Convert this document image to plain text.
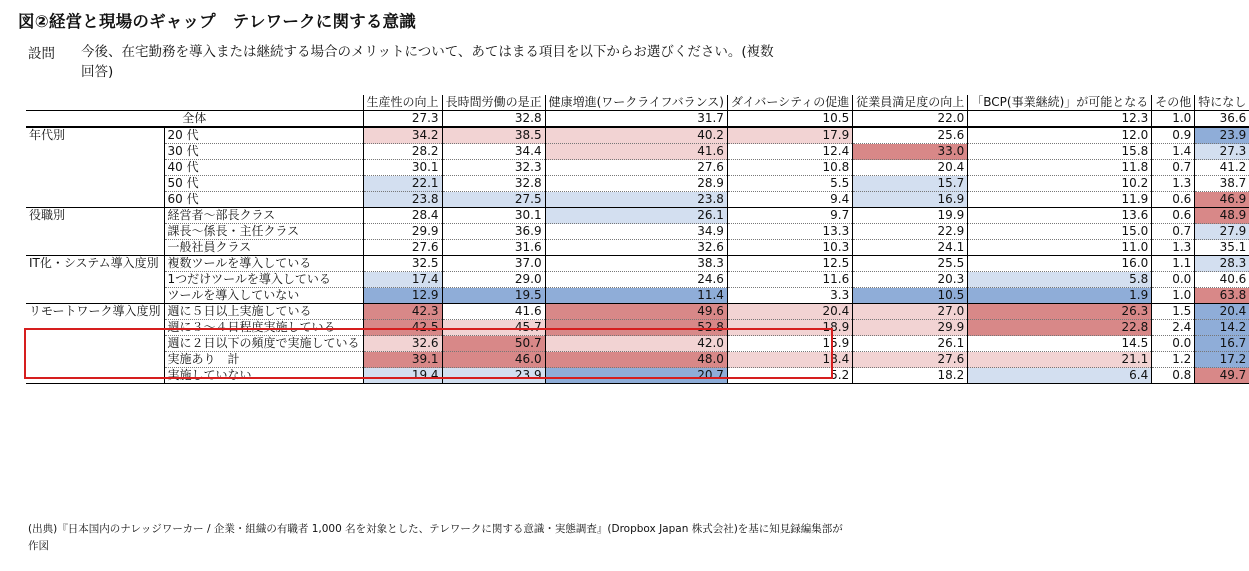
図②経営と現場のギャップ　テレワークに関する意識
設問 今後、在宅勤務を導入または継続する場合のメリットについて、あてはまる項目を以下からお選びください。(複数回答)
		生産性の向上	長時間労働の是正	健康増進(ワークライフバランス)	ダイバーシティの促進	従業員満足度の向上	「BCP(事業継続)」が可能となる	その他	特になし
全体		27.3	32.8	31.7	10.5	22.0	12.3	1.0	36.6
年代別	20 代	34.2	38.5	40.2	17.9	25.6	12.0	0.9	23.9
	30 代	28.2	34.4	41.6	12.4	33.0	15.8	1.4	27.3
	40 代	30.1	32.3	27.6	10.8	20.4	11.8	0.7	41.2
	50 代	22.1	32.8	28.9	5.5	15.7	10.2	1.3	38.7
	60 代	23.8	27.5	23.8	9.4	16.9	11.9	0.6	46.9
役職別	経営者～部長クラス	28.4	30.1	26.1	9.7	19.9	13.6	0.6	48.9
	課長～係長・主任クラス	29.9	36.9	34.9	13.3	22.9	15.0	0.7	27.9
	一般社員クラス	27.6	31.6	32.6	10.3	24.1	11.0	1.3	35.1
IT化・システム導入度別	複数ツールを導入している	32.5	37.0	38.3	12.5	25.5	16.0	1.1	28.3
	1つだけツールを導入している	17.4	29.0	24.6	11.6	20.3	5.8	0.0	40.6
	ツールを導入していない	12.9	19.5	11.4	3.3	10.5	1.9	1.0	63.8
リモートワーク導入度別	週に５日以上実施している	42.3	41.6	49.6	20.4	27.0	26.3	1.5	20.4
	週に３～４日程度実施している	42.5	45.7	52.8	18.9	29.9	22.8	2.4	14.2
	週に２日以下の頻度で実施している	32.6	50.7	42.0	15.9	26.1	14.5	0.0	16.7
	実施あり　計	39.1	46.0	48.0	18.4	27.6	21.1	1.2	17.2
	実施していない	19.4	23.9	20.7	5.2	18.2	6.4	0.8	49.7
(出典)『日本国内のナレッジワーカー / 企業・組織の有職者 1,000 名を対象とした、テレワークに関する意識・実態調査』(Dropbox Japan 株式会社)を基に知見録編集部が作図
